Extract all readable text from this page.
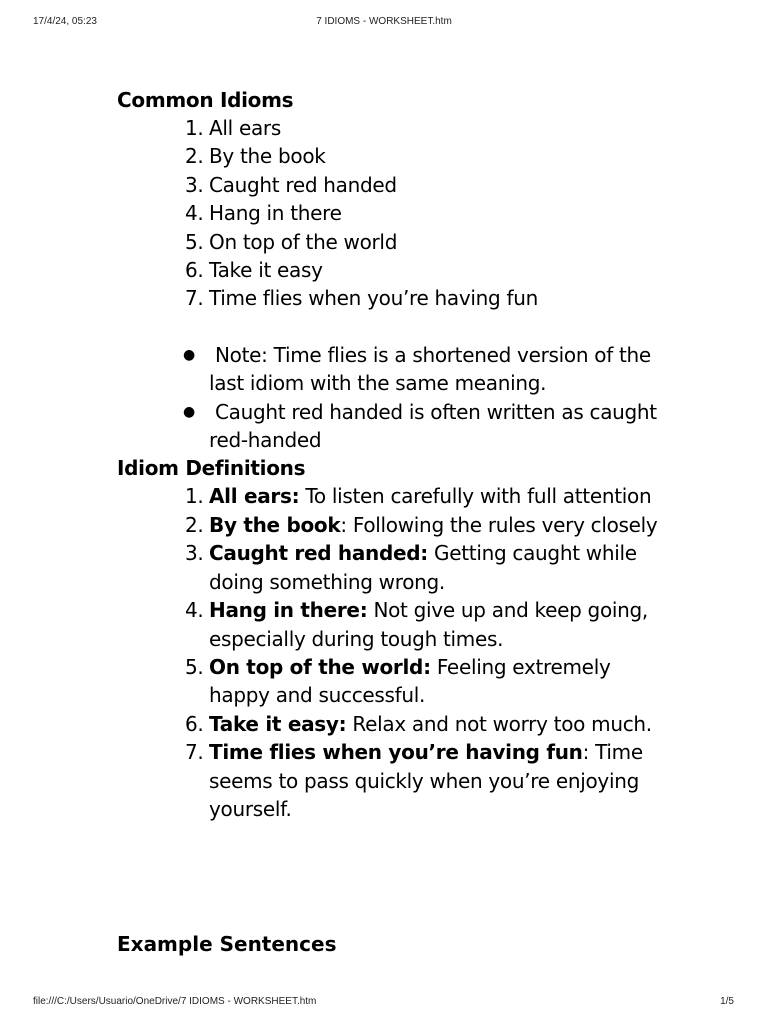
17/4/24, 05:23	7 IDIOMS - WORKSHEET.htm
Common Idioms
1. All ears
2. By the book
3. Caught red handed
4. Hang in there
5. On top of the world
6. Take it easy
7. Time flies when you’re having fun
● Note: Time flies is a shortened version of the last idiom with the same meaning.
● Caught red handed is often written as caught red-handed
Idiom Definitions
1. All ears: To listen carefully with full attention
2. By the book: Following the rules very closely
3. Caught red handed: Getting caught while doing something wrong.
4. Hang in there: Not give up and keep going, especially during tough times.
5. On top of the world: Feeling extremely happy and successful.
6. Take it easy: Relax and not worry too much.
7. Time flies when you’re having fun: Time seems to pass quickly when you’re enjoying yourself.
Example Sentences
file:///C:/Users/Usuario/OneDrive/7 IDIOMS - WORKSHEET.htm	1/5
